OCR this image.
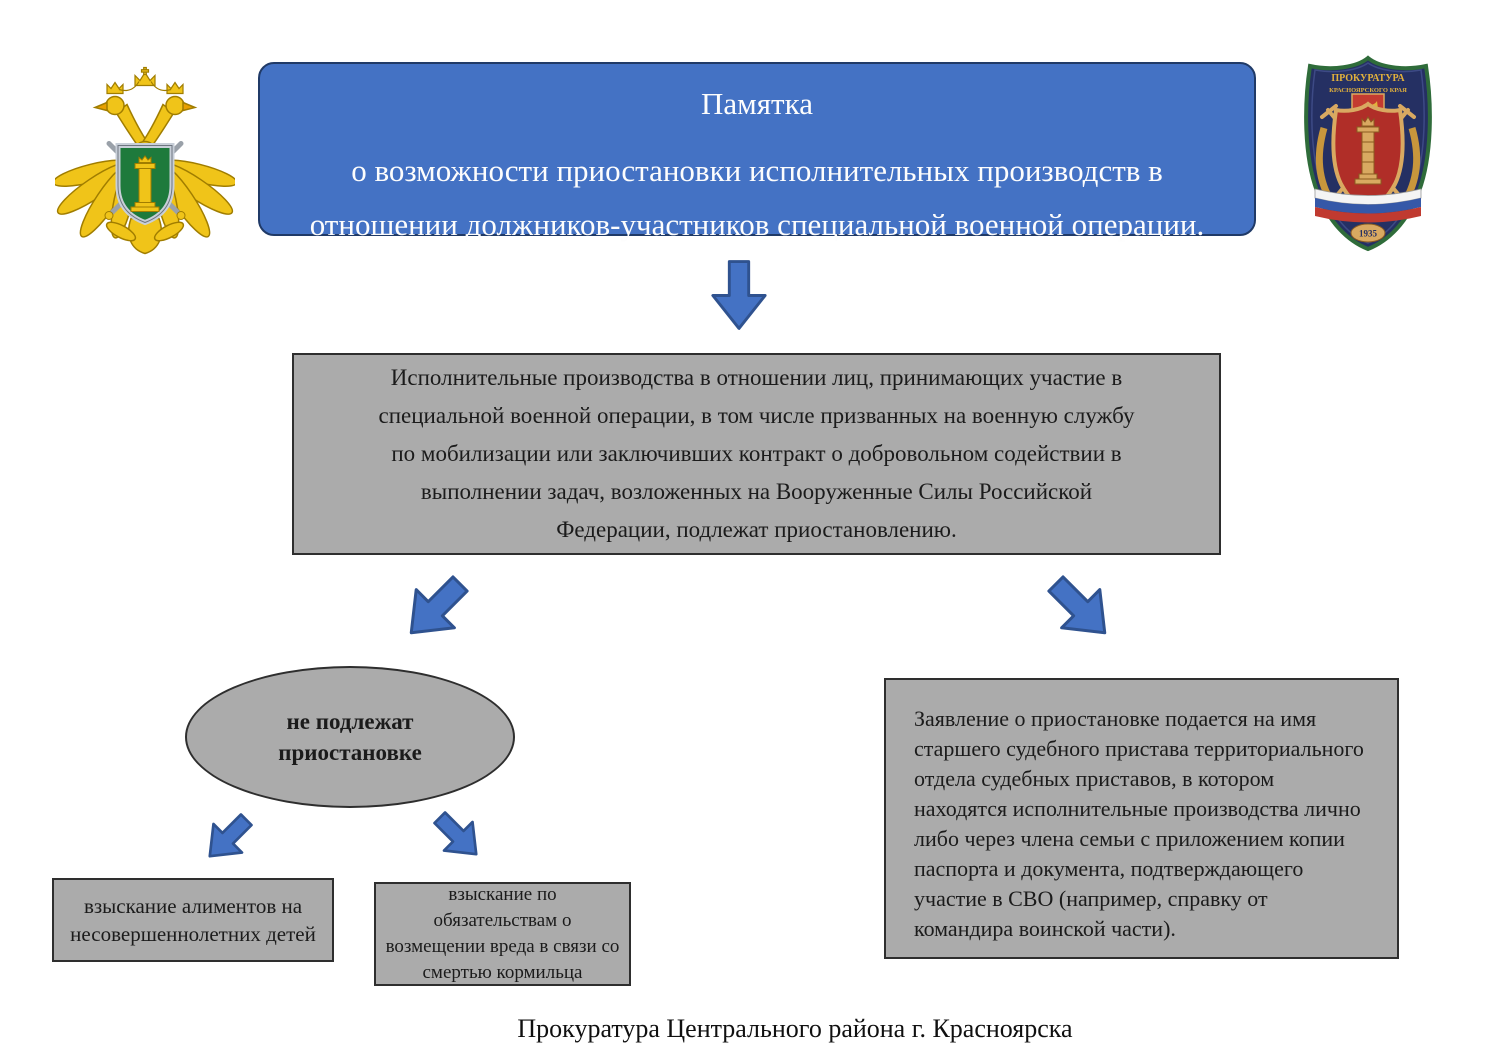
Памятка
о возможности приостановки исполнительных производств в отношении должников-участников специальной военной операции.
ПРОКУРАТУРА
КРАСНОЯРСКОГО КРАЯ
1935

Исполнительные производства в отношении лиц, принимающих участие в специальной военной операции, в том числе призванных на военную службу по мобилизации или заключивших контракт о добровольном содействии в выполнении задач, возложенных на Вооруженные Силы Российской Федерации, подлежат приостановлению.

не подлежат приостановке
взыскание алиментов на несовершеннолетних детей
взыскание по обязательствам о возмещении вреда в связи со смертью кормильца

Заявление о приостановке подается на имя старшего судебного пристава территориального отдела судебных приставов, в котором находятся исполнительные производства лично либо через члена семьи с приложением копии паспорта и документа, подтверждающего участие в СВО (например, справку от командира воинской части).

Прокуратура Центрального района г. Красноярска
